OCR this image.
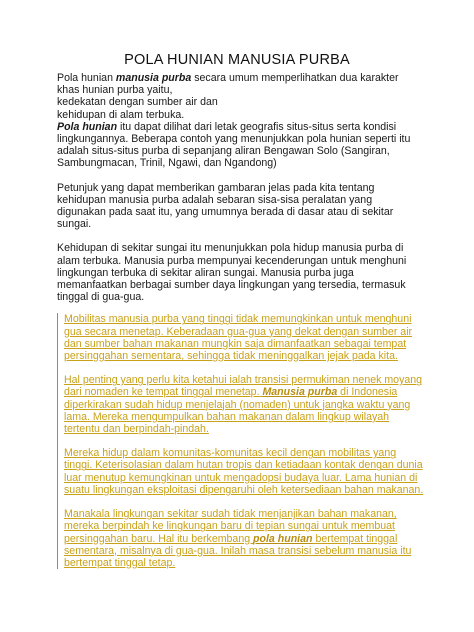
POLA HUNIAN MANUSIA PURBA
Pola hunian manusia purba secara umum memperlihatkan dua karakter
khas hunian purba yaitu,
kedekatan dengan sumber air dan
kehidupan di alam terbuka.
Pola hunian itu dapat dilihat dari letak geografis situs-situs serta kondisi
lingkungannya. Beberapa contoh yang menunjukkan pola hunian seperti itu
adalah situs-situs purba di sepanjang aliran Bengawan Solo (Sangiran,
Sambungmacan, Trinil, Ngawi, dan Ngandong)
Petunjuk yang dapat memberikan gambaran jelas pada kita tentang
kehidupan manusia purba adalah sebaran sisa-sisa peralatan yang
digunakan pada saat itu, yang umumnya berada di dasar atau di sekitar
sungai.
Kehidupan di sekitar sungai itu menunjukkan pola hidup manusia purba di
alam terbuka. Manusia purba mempunyai kecenderungan untuk menghuni
lingkungan terbuka di sekitar aliran sungai. Manusia purba juga
memanfaatkan berbagai sumber daya lingkungan yang tersedia, termasuk
tinggal di gua-gua.
Mobilitas manusia purba yang tinggi tidak memungkinkan untuk menghuni
gua secara menetap. Keberadaan gua-gua yang dekat dengan sumber air
dan sumber bahan makanan mungkin saja dimanfaatkan sebagai tempat
persinggahan sementara, sehingga tidak meninggalkan jejak pada kita.
Hal penting yang perlu kita ketahui ialah transisi permukiman nenek moyang
dari nomaden ke tempat tinggal menetap. Manusia purba di Indonesia
diperkirakan sudah hidup menjelajah (nomaden) untuk jangka waktu yang
lama. Mereka mengumpulkan bahan makanan dalam lingkup wilayah
tertentu dan berpindah-pindah.
Mereka hidup dalam komunitas-komunitas kecil dengan mobilitas yang
tinggi. Keterisolasian dalam hutan tropis dan ketiadaan kontak dengan dunia
luar menutup kemungkinan untuk mengadopsi budaya luar. Lama hunian di
suatu lingkungan eksploitasi dipengaruhi oleh ketersediaan bahan makanan.
Manakala lingkungan sekitar sudah tidak menjanjikan bahan makanan,
mereka berpindah ke lingkungan baru di tepian sungai untuk membuat
persinggahan baru. Hal itu berkembang pola hunian bertempat tinggal
sementara, misalnya di gua-gua. Inilah masa transisi sebelum manusia itu
bertempat tinggal tetap.
